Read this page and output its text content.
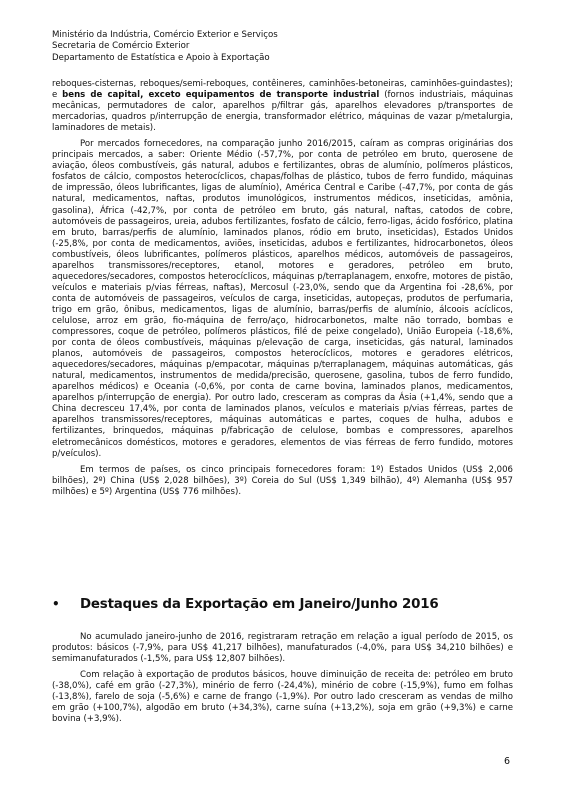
Ministério da Indústria, Comércio Exterior e Serviços
Secretaria de Comércio Exterior
Departamento de Estatística e Apoio à Exportação

reboques-cisternas, reboques/semi-reboques, contêineres, caminhões-betoneiras, caminhões-guindastes); e bens de capital, exceto equipamentos de transporte industrial (fornos industriais, máquinas mecânicas, permutadores de calor, aparelhos p/filtrar gás, aparelhos elevadores p/transportes de mercadorias, quadros p/interrupção de energia, transformador elétrico, máquinas de vazar p/metalurgia, laminadores de metais).

Por mercados fornecedores, na comparação junho 2016/2015, caíram as compras originárias dos principais mercados, a saber: Oriente Médio (-57,7%, por conta de petróleo em bruto, querosene de aviação, óleos combustíveis, gás natural, adubos e fertilizantes, obras de alumínio, polímeros plásticos, fosfatos de cálcio, compostos heterocíclicos, chapas/folhas de plástico, tubos de ferro fundido, máquinas de impressão, óleos lubrificantes, ligas de alumínio), América Central e Caribe (-47,7%, por conta de gás natural, medicamentos, naftas, produtos imunológicos, instrumentos médicos, inseticidas, amônia, gasolina), África (-42,7%, por conta de petróleo em bruto, gás natural, naftas, catodos de cobre, automóveis de passageiros, ureia, adubos fertilizantes, fosfato de cálcio, ferro-ligas, ácido fosfórico, platina em bruto, barras/perfis de alumínio, laminados planos, ródio em bruto, inseticidas), Estados Unidos (-25,8%, por conta de medicamentos, aviões, inseticidas, adubos e fertilizantes, hidrocarbonetos, óleos combustíveis, óleos lubrificantes, polímeros plásticos, aparelhos médicos, automóveis de passageiros, aparelhos transmissores/receptores, etanol, motores e geradores, petróleo em bruto, aquecedores/secadores, compostos heterocíclicos, máquinas p/terraplanagem, enxofre, motores de pistão, veículos e materiais p/vias férreas, naftas), Mercosul (-23,0%, sendo que da Argentina foi -28,6%, por conta de automóveis de passageiros, veículos de carga, inseticidas, autopeças, produtos de perfumaria, trigo em grão, ônibus, medicamentos, ligas de alumínio, barras/perfis de alumínio, álcoois acíclicos, celulose, arroz em grão, fio-máquina de ferro/aço, hidrocarbonetos, malte não torrado, bombas e compressores, coque de petróleo, polímeros plásticos, filé de peixe congelado), União Europeia (-18,6%, por conta de óleos combustíveis, máquinas p/elevação de carga, inseticidas, gás natural, laminados planos, automóveis de passageiros, compostos heterocíclicos, motores e geradores elétricos, aquecedores/secadores, máquinas p/empacotar, máquinas p/terraplanagem, máquinas automáticas, gás natural, medicamentos, instrumentos de medida/precisão, querosene, gasolina, tubos de ferro fundido, aparelhos médicos) e Oceania (-0,6%, por conta de carne bovina, laminados planos, medicamentos, aparelhos p/interrupção de energia). Por outro lado, cresceram as compras da Ásia (+1,4%, sendo que a China decresceu 17,4%, por conta de laminados planos, veículos e materiais p/vias férreas, partes de aparelhos transmissores/receptores, máquinas automáticas e partes, coques de hulha, adubos e fertilizantes, brinquedos, máquinas p/fabricação de celulose, bombas e compressores, aparelhos eletromecânicos domésticos, motores e geradores, elementos de vias férreas de ferro fundido, motores p/veículos).

Em termos de países, os cinco principais fornecedores foram: 1º) Estados Unidos (US$ 2,006 bilhões), 2º) China (US$ 2,028 bilhões), 3º) Coreia do Sul (US$ 1,349 bilhão), 4º) Alemanha (US$ 957 milhões) e 5º) Argentina (US$ 776 milhões).

• Destaques da Exportação em Janeiro/Junho 2016

No acumulado janeiro-junho de 2016, registraram retração em relação a igual período de 2015, os produtos: básicos (-7,9%, para US$ 41,217 bilhões), manufaturados (-4,0%, para US$ 34,210 bilhões) e semimanufaturados (-1,5%, para US$ 12,807 bilhões).

Com relação à exportação de produtos básicos, houve diminuição de receita de: petróleo em bruto (-38,0%), café em grão (-27,3%), minério de ferro (-24,4%), minério de cobre (-15,9%), fumo em folhas (-13,8%), farelo de soja (-5,6%) e carne de frango (-1,9%). Por outro lado cresceram as vendas de milho em grão (+100,7%), algodão em bruto (+34,3%), carne suína (+13,2%), soja em grão (+9,3%) e carne bovina (+3,9%).

6
